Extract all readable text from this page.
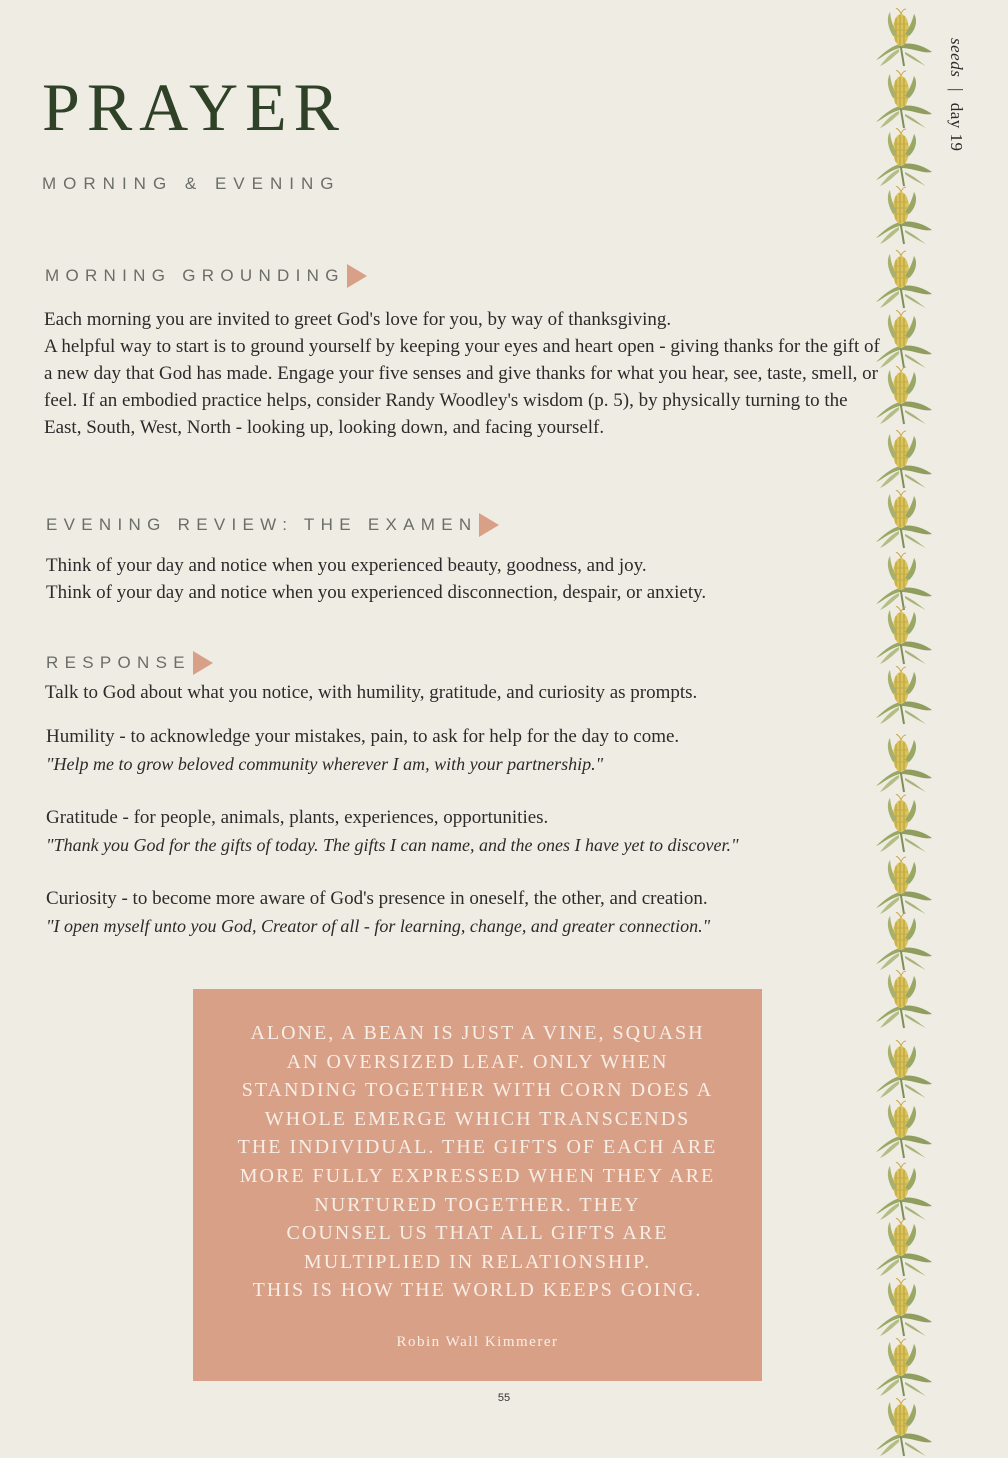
PRAYER
MORNING & EVENING
MORNING GROUNDING

Each morning you are invited to greet God's love for you, by way of thanksgiving.
A helpful way to start is to ground yourself by keeping your eyes and heart open - giving thanks for the gift of a new day that God has made. Engage your five senses and give thanks for what you hear, see, taste, smell, or feel. If an embodied practice helps, consider Randy Woodley's wisdom (p. 5), by physically turning to the East, South, West, North - looking up, looking down, and facing yourself.

EVENING REVIEW: THE EXAMEN

Think of your day and notice when you experienced beauty, goodness, and joy.

Think of your day and notice when you experienced disconnection, despair, or anxiety.

RESPONSE

Talk to God about what you notice, with humility, gratitude, and curiosity as prompts.

Humility - to acknowledge your mistakes, pain, to ask for help for the day to come.

"Help me to grow beloved community wherever I am, with your partnership."

Gratitude - for people, animals, plants, experiences, opportunities.

"Thank you God for the gifts of today. The gifts I can name, and the ones I have yet to discover."

Curiosity - to become more aware of God's presence in oneself, the other, and creation.

"I open myself unto you God, Creator of all - for learning, change, and greater connection."

ALONE, A BEAN IS JUST A VINE, SQUASH
AN OVERSIZED LEAF. ONLY WHEN
STANDING TOGETHER WITH CORN DOES A
WHOLE EMERGE WHICH TRANSCENDS
THE INDIVIDUAL. THE GIFTS OF EACH ARE
MORE FULLY EXPRESSED WHEN THEY ARE
NURTURED TOGETHER. THEY
COUNSEL US THAT ALL GIFTS ARE
MULTIPLIED IN RELATIONSHIP.
THIS IS HOW THE WORLD KEEPS GOING.

Robin Wall Kimmerer

55
seeds | day 19
